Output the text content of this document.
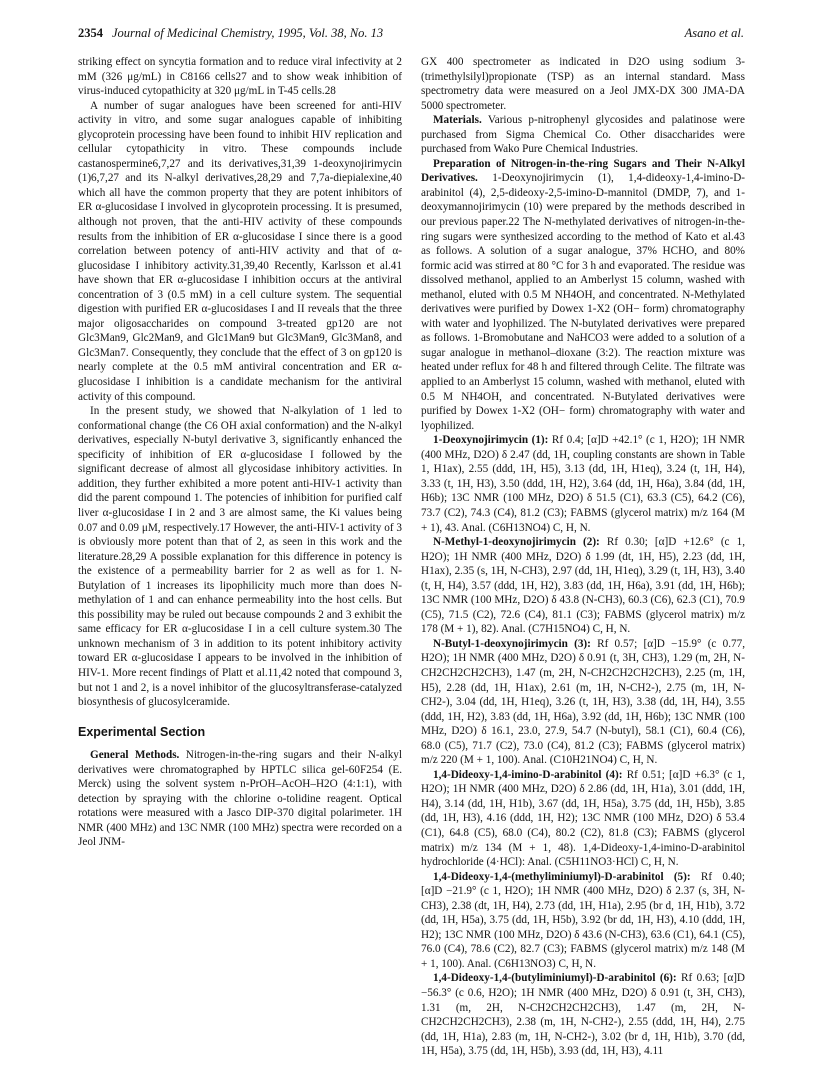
2354 Journal of Medicinal Chemistry, 1995, Vol. 38, No. 13	Asano et al.

striking effect on syncytia formation and to reduce viral infectivity at 2 mM (326 μg/mL) in C8166 cells27 and to show weak inhibition of virus-induced cytopathicity at 320 μg/mL in T-45 cells.28

A number of sugar analogues have been screened for anti-HIV activity in vitro, and some sugar analogues capable of inhibiting glycoprotein processing have been found to inhibit HIV replication and cellular cytopathicity in vitro. These compounds include castanospermine6,7,27 and its derivatives,31,39 1-deoxynojirimycin (1)6,7,27 and its N-alkyl derivatives,28,29 and 7,7a-diepialexine,40 which all have the common property that they are potent inhibitors of ER α-glucosidase I involved in glycoprotein processing. It is presumed, although not proven, that the anti-HIV activity of these compounds results from the inhibition of ER α-glucosidase I since there is a good correlation between potency of anti-HIV activity and that of α-glucosidase I inhibitory activity.31,39,40 Recently, Karlsson et al.41 have shown that ER α-glucosidase I inhibition occurs at the antiviral concentration of 3 (0.5 mM) in a cell culture system. The sequential digestion with purified ER α-glucosidases I and II reveals that the three major oligosaccharides on compound 3-treated gp120 are not Glc3Man9, Glc2Man9, and Glc1Man9 but Glc3Man9, Glc3Man8, and Glc3Man7. Consequently, they conclude that the effect of 3 on gp120 is nearly complete at the 0.5 mM antiviral concentration and ER α-glucosidase I inhibition is a candidate mechanism for the antiviral activity of this compound.

In the present study, we showed that N-alkylation of 1 led to conformational change (the C6 OH axial conformation) and the N-alkyl derivatives, especially N-butyl derivative 3, significantly enhanced the specificity of inhibition of ER α-glucosidase I followed by the significant decrease of almost all glycosidase inhibitory activities. In addition, they further exhibited a more potent anti-HIV-1 activity than did the parent compound 1. The potencies of inhibition for purified calf liver α-glucosidase I in 2 and 3 are almost same, the Ki values being 0.07 and 0.09 μM, respectively.17 However, the anti-HIV-1 activity of 3 is obviously more potent than that of 2, as seen in this work and the literature.28,29 A possible explanation for this difference in potency is the existence of a permeability barrier for 2 as well as for 1. N-Butylation of 1 increases its lipophilicity much more than does N-methylation of 1 and can enhance permeability into the host cells. But this possibility may be ruled out because compounds 2 and 3 exhibit the same efficacy for ER α-glucosidase I in a cell culture system.30 The unknown mechanism of 3 in addition to its potent inhibitory activity toward ER α-glucosidase I appears to be involved in the inhibition of HIV-1. More recent findings of Platt et al.11,42 noted that compound 3, but not 1 and 2, is a novel inhibitor of the glucosyltransferase-catalyzed biosynthesis of glucosylceramide.

Experimental Section

General Methods. Nitrogen-in-the-ring sugars and their N-alkyl derivatives were chromatographed by HPTLC silica gel-60F254 (E. Merck) using the solvent system n-PrOH–AcOH–H2O (4:1:1), with detection by spraying with the chlorine o-tolidine reagent. Optical rotations were measured with a Jasco DIP-370 digital polarimeter. 1H NMR (400 MHz) and 13C NMR (100 MHz) spectra were recorded on a Jeol JNM-

GX 400 spectrometer as indicated in D2O using sodium 3-(trimethylsilyl)propionate (TSP) as an internal standard. Mass spectrometry data were measured on a Jeol JMX-DX 300 JMA-DA 5000 spectrometer.

Materials. Various p-nitrophenyl glycosides and palatinose were purchased from Sigma Chemical Co. Other disaccharides were purchased from Wako Pure Chemical Industries.

Preparation of Nitrogen-in-the-ring Sugars and Their N-Alkyl Derivatives. 1-Deoxynojirimycin (1), 1,4-dideoxy-1,4-imino-D-arabinitol (4), 2,5-dideoxy-2,5-imino-D-mannitol (DMDP, 7), and 1-deoxymannojirimycin (10) were prepared by the methods described in our previous paper.22 The N-methylated derivatives of nitrogen-in-the-ring sugars were synthesized according to the method of Kato et al.43 as follows. A solution of a sugar analogue, 37% HCHO, and 80% formic acid was stirred at 80 °C for 3 h and evaporated. The residue was dissolved methanol, applied to an Amberlyst 15 column, washed with methanol, eluted with 0.5 M NH4OH, and concentrated. N-Methylated derivatives were purified by Dowex 1-X2 (OH− form) chromatography with water and lyophilized. The N-butylated derivatives were prepared as follows. 1-Bromobutane and NaHCO3 were added to a solution of a sugar analogue in methanol–dioxane (3:2). The reaction mixture was heated under reflux for 48 h and filtered through Celite. The filtrate was applied to an Amberlyst 15 column, washed with methanol, eluted with 0.5 M NH4OH, and concentrated. N-Butylated derivatives were purified by Dowex 1-X2 (OH− form) chromatography with water and lyophilized.

1-Deoxynojirimycin (1): Rf 0.4; [α]D +42.1° (c 1, H2O); 1H NMR (400 MHz, D2O) δ 2.47 (dd, 1H, coupling constants are shown in Table 1, H1ax), 2.55 (ddd, 1H, H5), 3.13 (dd, 1H, H1eq), 3.24 (t, 1H, H4), 3.33 (t, 1H, H3), 3.50 (ddd, 1H, H2), 3.64 (dd, 1H, H6a), 3.84 (dd, 1H, H6b); 13C NMR (100 MHz, D2O) δ 51.5 (C1), 63.3 (C5), 64.2 (C6), 73.7 (C2), 74.3 (C4), 81.2 (C3); FABMS (glycerol matrix) m/z 164 (M + 1), 43. Anal. (C6H13NO4) C, H, N.

N-Methyl-1-deoxynojirimycin (2): Rf 0.30; [α]D +12.6° (c 1, H2O); 1H NMR (400 MHz, D2O) δ 1.99 (dt, 1H, H5), 2.23 (dd, 1H, H1ax), 2.35 (s, 1H, N-CH3), 2.97 (dd, 1H, H1eq), 3.29 (t, 1H, H3), 3.40 (t, H, H4), 3.57 (ddd, 1H, H2), 3.83 (dd, 1H, H6a), 3.91 (dd, 1H, H6b); 13C NMR (100 MHz, D2O) δ 43.8 (N-CH3), 60.3 (C6), 62.3 (C1), 70.9 (C5), 71.5 (C2), 72.6 (C4), 81.1 (C3); FABMS (glycerol matrix) m/z 178 (M + 1), 82). Anal. (C7H15NO4) C, H, N.

N-Butyl-1-deoxynojirimycin (3): Rf 0.57; [α]D −15.9° (c 0.77, H2O); 1H NMR (400 MHz, D2O) δ 0.91 (t, 3H, CH3), 1.29 (m, 2H, N-CH2CH2CH2CH3), 1.47 (m, 2H, N-CH2CH2CH2CH3), 2.25 (m, 1H, H5), 2.28 (dd, 1H, H1ax), 2.61 (m, 1H, N-CH2-), 2.75 (m, 1H, N-CH2-), 3.04 (dd, 1H, H1eq), 3.26 (t, 1H, H3), 3.38 (dd, 1H, H4), 3.55 (ddd, 1H, H2), 3.83 (dd, 1H, H6a), 3.92 (dd, 1H, H6b); 13C NMR (100 MHz, D2O) δ 16.1, 23.0, 27.9, 54.7 (N-butyl), 58.1 (C1), 60.4 (C6), 68.0 (C5), 71.7 (C2), 73.0 (C4), 81.2 (C3); FABMS (glycerol matrix) m/z 220 (M + 1, 100). Anal. (C10H21NO4) C, H, N.

1,4-Dideoxy-1,4-imino-D-arabinitol (4): Rf 0.51; [α]D +6.3° (c 1, H2O); 1H NMR (400 MHz, D2O) δ 2.86 (dd, 1H, H1a), 3.01 (ddd, 1H, H4), 3.14 (dd, 1H, H1b), 3.67 (dd, 1H, H5a), 3.75 (dd, 1H, H5b), 3.85 (dd, 1H, H3), 4.16 (ddd, 1H, H2); 13C NMR (100 MHz, D2O) δ 53.4 (C1), 64.8 (C5), 68.0 (C4), 80.2 (C2), 81.8 (C3); FABMS (glycerol matrix) m/z 134 (M + 1, 48). 1,4-Dideoxy-1,4-imino-D-arabinitol hydrochloride (4·HCl): Anal. (C5H11NO3·HCl) C, H, N.

1,4-Dideoxy-1,4-(methyliminiumyl)-D-arabinitol (5): Rf 0.40; [α]D −21.9° (c 1, H2O); 1H NMR (400 MHz, D2O) δ 2.37 (s, 3H, N-CH3), 2.38 (dt, 1H, H4), 2.73 (dd, 1H, H1a), 2.95 (br d, 1H, H1b), 3.72 (dd, 1H, H5a), 3.75 (dd, 1H, H5b), 3.92 (br dd, 1H, H3), 4.10 (ddd, 1H, H2); 13C NMR (100 MHz, D2O) δ 43.6 (N-CH3), 63.6 (C1), 64.1 (C5), 76.0 (C4), 78.6 (C2), 82.7 (C3); FABMS (glycerol matrix) m/z 148 (M + 1, 100). Anal. (C6H13NO3) C, H, N.

1,4-Dideoxy-1,4-(butyliminiumyl)-D-arabinitol (6): Rf 0.63; [α]D −56.3° (c 0.6, H2O); 1H NMR (400 MHz, D2O) δ 0.91 (t, 3H, CH3), 1.31 (m, 2H, N-CH2CH2CH2CH3), 1.47 (m, 2H, N-CH2CH2CH2CH3), 2.38 (m, 1H, N-CH2-), 2.55 (ddd, 1H, H4), 2.75 (dd, 1H, H1a), 2.83 (m, 1H, N-CH2-), 3.02 (br d, 1H, H1b), 3.70 (dd, 1H, H5a), 3.75 (dd, 1H, H5b), 3.93 (dd, 1H, H3), 4.11
